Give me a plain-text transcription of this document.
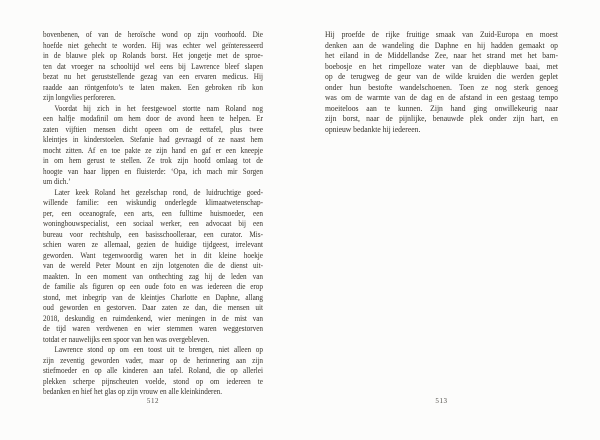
bovenbenen, of van de heroïsche wond op zijn voorhoofd. Die
hoefde niet gehecht te worden. Hij was echter wel geïnteresseerd
in de blauwe plek op Rolands borst. Het jongetje met de sproe-
ten dat vroeger na schooltijd wel eens bij Lawrence bleef slapen
bezat nu het geruststellende gezag van een ervaren medicus. Hij
raadde aan röntgenfoto’s te laten maken. Een gebroken rib kon
zijn longvlies perforeren.
Voordat hij zich in het feestgewoel stortte nam Roland nog
een halfje modafinil om hem door de avond heen te helpen. Er
zaten vijftien mensen dicht opeen om de eettafel, plus twee
kleintjes in kinderstoelen. Stefanie had gevraagd of ze naast hem
mocht zitten. Af en toe pakte ze zijn hand en gaf er een kneepje
in om hem gerust te stellen. Ze trok zijn hoofd omlaag tot de
hoogte van haar lippen en fluisterde: ‘Opa, ich mach mir Sorgen
um dich.’
Later keek Roland het gezelschap rond, de luidruchtige goed-
willende familie: een wiskundig onderlegde klimaatwetenschap-
per, een oceanografe, een arts, een fulltime huismoeder, een
woningbouwspecialist, een sociaal werker, een advocaat bij een
bureau voor rechtshulp, een basisschoolleraar, een curator. Mis-
schien waren ze allemaal, gezien de huidige tijdgeest, irrelevant
geworden. Want tegenwoordig waren het in dit kleine hoekje
van de wereld Peter Mount en zijn lotgenoten die de dienst uit-
maakten. In een moment van onthechting zag hij de leden van
de familie als figuren op een oude foto en was iedereen die erop
stond, met inbegrip van de kleintjes Charlotte en Daphne, allang
oud geworden en gestorven. Daar zaten ze dan, die mensen uit
2018, deskundig en ruimdenkend, wier meningen in de mist van
de tijd waren verdwenen en wier stemmen waren weggestorven
totdat er nauwelijks een spoor van hen was overgebleven.
Lawrence stond op om een toost uit te brengen, niet alleen op
zijn zeventig geworden vader, maar op de herinnering aan zijn
stiefmoeder en op alle kinderen aan tafel. Roland, die op allerlei
plekken scherpe pijnscheuten voelde, stond op om iedereen te
bedanken en hief het glas op zijn vrouw en alle kleinkinderen.
Hij proefde de rijke fruitige smaak van Zuid-Europa en moest
denken aan de wandeling die Daphne en hij hadden gemaakt op
het eiland in de Middellandse Zee, naar het strand met het bam-
boebosje en het rimpelloze water van de diepblauwe baai, met
op de terugweg de geur van de wilde kruiden die werden geplet
onder hun bestofte wandelschoenen. Toen ze nog sterk genoeg
was om de warmte van de dag en de afstand in een gestaag tempo
moeiteloos aan te kunnen. Zijn hand ging onwillekeurig naar
zijn borst, naar de pijnlijke, benauwde plek onder zijn hart, en
opnieuw bedankte hij iedereen.
512	513
